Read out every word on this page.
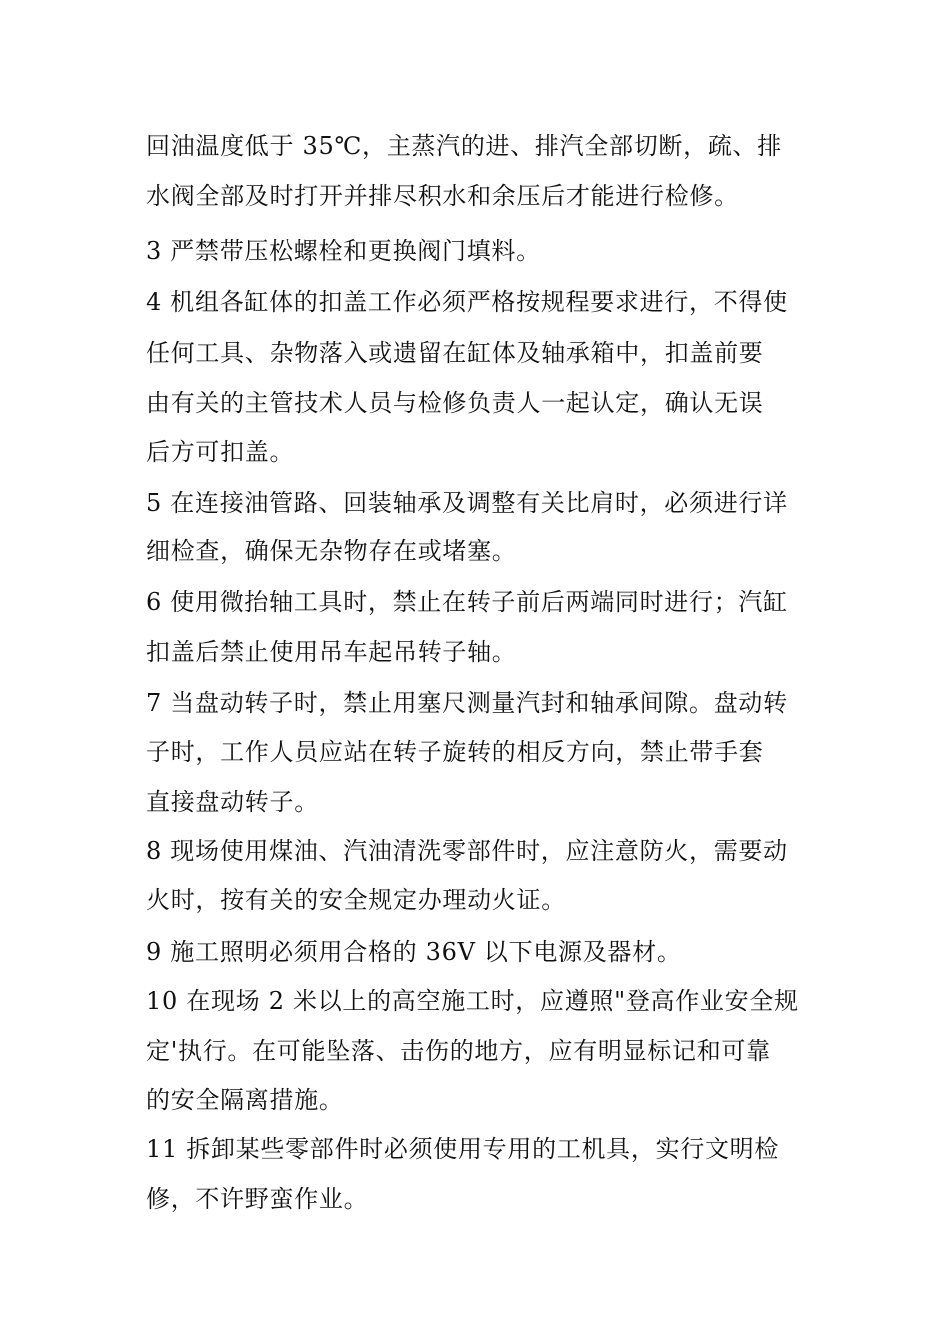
回油温度低于 35℃，主蒸汽的进、排汽全部切断，疏、排
水阀全部及时打开并排尽积水和余压后才能进行检修。
3 严禁带压松螺栓和更换阀门填料。
4 机组各缸体的扣盖工作必须严格按规程要求进行，不得使
任何工具、杂物落入或遗留在缸体及轴承箱中，扣盖前要
由有关的主管技术人员与检修负责人一起认定，确认无误
后方可扣盖。
5 在连接油管路、回装轴承及调整有关比肩时，必须进行详
细检查，确保无杂物存在或堵塞。
6 使用微抬轴工具时，禁止在转子前后两端同时进行；汽缸
扣盖后禁止使用吊车起吊转子轴。
7 当盘动转子时，禁止用塞尺测量汽封和轴承间隙。盘动转
子时，工作人员应站在转子旋转的相反方向，禁止带手套
直接盘动转子。
8 现场使用煤油、汽油清洗零部件时，应注意防火，需要动
火时，按有关的安全规定办理动火证。
9 施工照明必须用合格的 36V 以下电源及器材。
10 在现场 2 米以上的高空施工时，应遵照"登高作业安全规
定'执行。在可能坠落、击伤的地方，应有明显标记和可靠
的安全隔离措施。
11 拆卸某些零部件时必须使用专用的工机具，实行文明检
修，不许野蛮作业。
